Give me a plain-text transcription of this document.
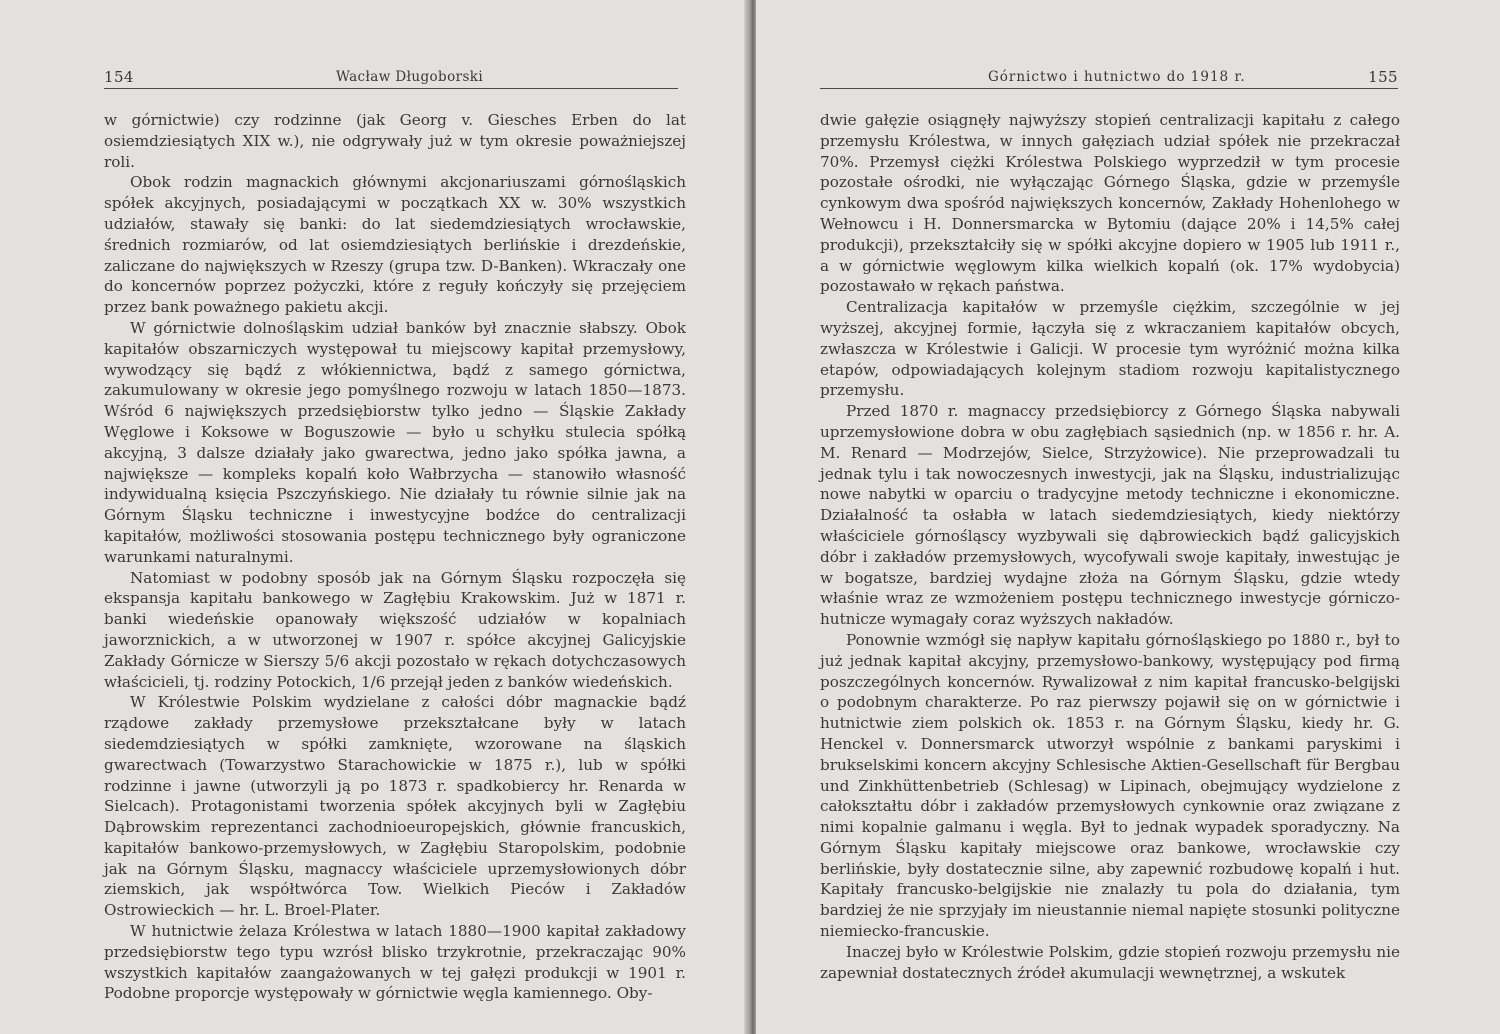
154	Wacław Długoborski

w górnictwie) czy rodzinne (jak Georg v. Giesches Erben do lat osiemdziesiątych XIX w.), nie odgrywały już w tym okresie poważniejszej roli.

Obok rodzin magnackich głównymi akcjonariuszami górnośląskich spółek akcyjnych, posiadającymi w początkach XX w. 30% wszystkich udziałów, stawały się banki: do lat siedemdziesiątych wrocławskie, średnich rozmiarów, od lat osiemdziesiątych berlińskie i drezdeńskie, zaliczane do największych w Rzeszy (grupa tzw. D-Banken). Wkraczały one do koncernów poprzez pożyczki, które z reguły kończyły się przejęciem przez bank poważnego pakietu akcji.

W górnictwie dolnośląskim udział banków był znacznie słabszy. Obok kapitałów obszarniczych występował tu miejscowy kapitał przemysłowy, wywodzący się bądź z włókiennictwa, bądź z samego górnictwa, zakumulowany w okresie jego pomyślnego rozwoju w latach 1850—1873. Wśród 6 największych przedsiębiorstw tylko jedno — Śląskie Zakłady Węglowe i Koksowe w Boguszowie — było u schyłku stulecia spółką akcyjną, 3 dalsze działały jako gwarectwa, jedno jako spółka jawna, a największe — kompleks kopalń koło Wałbrzycha — stanowiło własność indywidualną księcia Pszczyńskiego. Nie działały tu równie silnie jak na Górnym Śląsku techniczne i inwestycyjne bodźce do centralizacji kapitałów, możliwości stosowania postępu technicznego były ograniczone warunkami naturalnymi.

Natomiast w podobny sposób jak na Górnym Śląsku rozpoczęła się ekspansja kapitału bankowego w Zagłębiu Krakowskim. Już w 1871 r. banki wiedeńskie opanowały większość udziałów w kopalniach jaworznickich, a w utworzonej w 1907 r. spółce akcyjnej Galicyjskie Zakłady Górnicze w Sierszy 5/6 akcji pozostało w rękach dotychczasowych właścicieli, tj. rodziny Potockich, 1/6 przejął jeden z banków wiedeńskich.

W Królestwie Polskim wydzielane z całości dóbr magnackie bądź rządowe zakłady przemysłowe przekształcane były w latach siedemdziesiątych w spółki zamknięte, wzorowane na śląskich gwarectwach (Towarzystwo Starachowickie w 1875 r.), lub w spółki rodzinne i jawne (utworzyli ją po 1873 r. spadkobiercy hr. Renarda w Sielcach). Protagonistami tworzenia spółek akcyjnych byli w Zagłębiu Dąbrowskim reprezentanci zachodnioeuropejskich, głównie francuskich, kapitałów bankowo-przemysłowych, w Zagłębiu Staropolskim, podobnie jak na Górnym Śląsku, magnaccy właściciele uprzemysłowionych dóbr ziemskich, jak współtwórca Tow. Wielkich Pieców i Zakładów Ostrowieckich — hr. L. Broel-Plater.

W hutnictwie żelaza Królestwa w latach 1880—1900 kapitał zakładowy przedsiębiorstw tego typu wzrósł blisko trzykrotnie, przekraczając 90% wszystkich kapitałów zaangażowanych w tej gałęzi produkcji w 1901 r. Podobne proporcje występowały w górnictwie węgla kamiennego. Oby-

Górnictwo i hutnictwo do 1918 r.	155

dwie gałęzie osiągnęły najwyższy stopień centralizacji kapitału z całego przemysłu Królestwa, w innych gałęziach udział spółek nie przekraczał 70%. Przemysł ciężki Królestwa Polskiego wyprzedził w tym procesie pozostałe ośrodki, nie wyłączając Górnego Śląska, gdzie w przemyśle cynkowym dwa spośród największych koncernów, Zakłady Hohenlohego w Wełnowcu i H. Donnersmarcka w Bytomiu (dające 20% i 14,5% całej produkcji), przekształciły się w spółki akcyjne dopiero w 1905 lub 1911 r., a w górnictwie węglowym kilka wielkich kopalń (ok. 17% wydobycia) pozostawało w rękach państwa.

Centralizacja kapitałów w przemyśle ciężkim, szczególnie w jej wyższej, akcyjnej formie, łączyła się z wkraczaniem kapitałów obcych, zwłaszcza w Królestwie i Galicji. W procesie tym wyróżnić można kilka etapów, odpowiadających kolejnym stadiom rozwoju kapitalistycznego przemysłu.

Przed 1870 r. magnaccy przedsiębiorcy z Górnego Śląska nabywali uprzemysłowione dobra w obu zagłębiach sąsiednich (np. w 1856 r. hr. A. M. Renard — Modrzejów, Sielce, Strzyżowice). Nie przeprowadzali tu jednak tylu i tak nowoczesnych inwestycji, jak na Śląsku, industrializując nowe nabytki w oparciu o tradycyjne metody techniczne i ekonomiczne. Działalność ta osłabła w latach siedemdziesiątych, kiedy niektórzy właściciele górnośląscy wyzbywali się dąbrowieckich bądź galicyjskich dóbr i zakładów przemysłowych, wycofywali swoje kapitały, inwestując je w bogatsze, bardziej wydajne złoża na Górnym Śląsku, gdzie wtedy właśnie wraz ze wzmożeniem postępu technicznego inwestycje górniczo-hutnicze wymagały coraz wyższych nakładów.

Ponownie wzmógł się napływ kapitału górnośląskiego po 1880 r., był to już jednak kapitał akcyjny, przemysłowo-bankowy, występujący pod firmą poszczególnych koncernów. Rywalizował z nim kapitał francusko-belgijski o podobnym charakterze. Po raz pierwszy pojawił się on w górnictwie i hutnictwie ziem polskich ok. 1853 r. na Górnym Śląsku, kiedy hr. G. Henckel v. Donnersmarck utworzył wspólnie z bankami paryskimi i brukselskimi koncern akcyjny Schlesische Aktien-Gesellschaft für Bergbau und Zinkhüttenbetrieb (Schlesag) w Lipinach, obejmujący wydzielone z całokształtu dóbr i zakładów przemysłowych cynkownie oraz związane z nimi kopalnie galmanu i węgla. Był to jednak wypadek sporadyczny. Na Górnym Śląsku kapitały miejscowe oraz bankowe, wrocławskie czy berlińskie, były dostatecznie silne, aby zapewnić rozbudowę kopalń i hut. Kapitały francusko-belgijskie nie znalazły tu pola do działania, tym bardziej że nie sprzyjały im nieustannie niemal napięte stosunki polityczne niemiecko-francuskie.

Inaczej było w Królestwie Polskim, gdzie stopień rozwoju przemysłu nie zapewniał dostatecznych źródeł akumulacji wewnętrznej, a wskutek
